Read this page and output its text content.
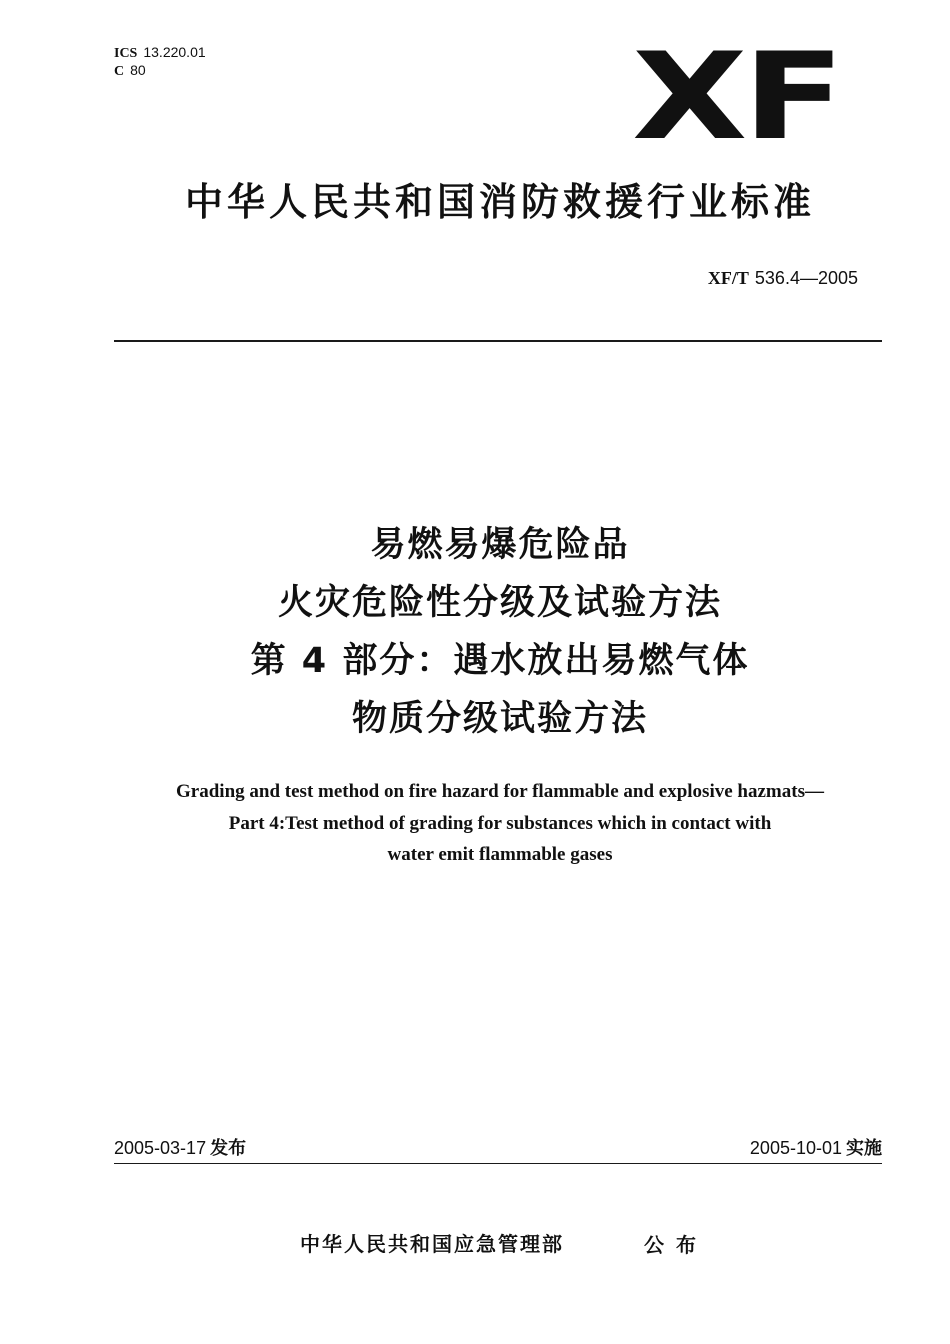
ICS 13.220.01
C 80	XF
中华人民共和国消防救援行业标准
XF/T 536.4—2005
易燃易爆危险品
火灾危险性分级及试验方法
第 4 部分：遇水放出易燃气体
物质分级试验方法
Grading and test method on fire hazard for flammable and explosive hazmats—
Part 4:Test method of grading for substances which in contact with
water emit flammable gases
2005-03-17 发布	2005-10-01 实施
中华人民共和国应急管理部	公布
